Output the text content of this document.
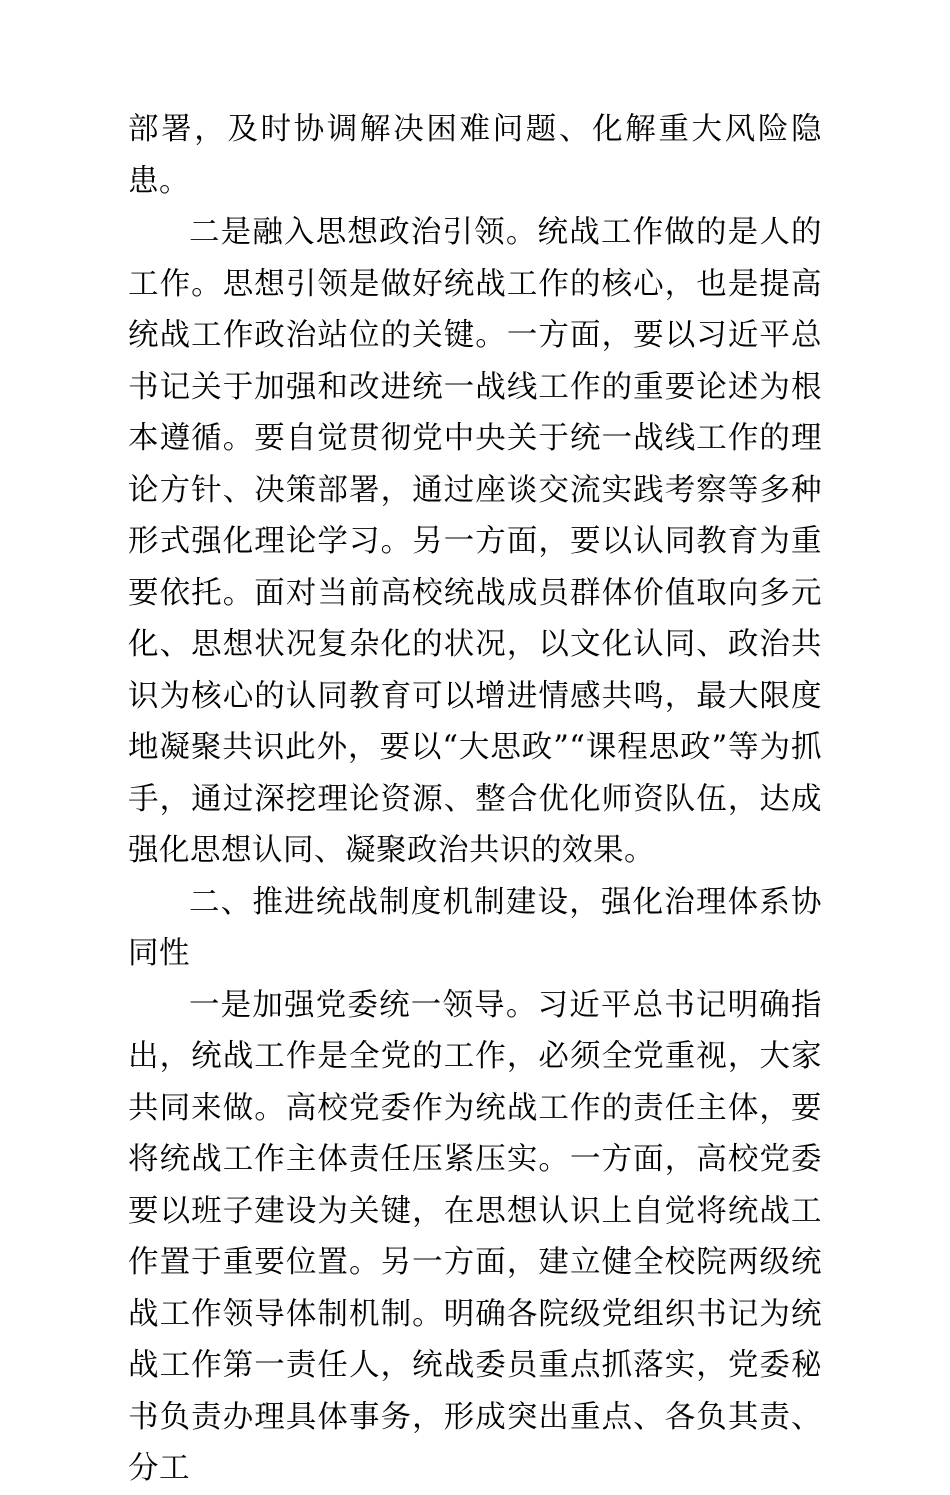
部署，及时协调解决困难问题、化解重大风险隐患。

二是融入思想政治引领。统战工作做的是人的工作。思想引领是做好统战工作的核心，也是提高统战工作政治站位的关键。一方面，要以习近平总书记关于加强和改进统一战线工作的重要论述为根本遵循。要自觉贯彻党中央关于统一战线工作的理论方针、决策部署，通过座谈交流实践考察等多种形式强化理论学习。另一方面，要以认同教育为重要依托。面对当前高校统战成员群体价值取向多元化、思想状况复杂化的状况，以文化认同、政治共识为核心的认同教育可以增进情感共鸣，最大限度地凝聚共识此外，要以“大思政”“课程思政”等为抓手，通过深挖理论资源、整合优化师资队伍，达成强化思想认同、凝聚政治共识的效果。

二、推进统战制度机制建设，强化治理体系协同性

一是加强党委统一领导。习近平总书记明确指出，统战工作是全党的工作，必须全党重视，大家共同来做。高校党委作为统战工作的责任主体，要将统战工作主体责任压紧压实。一方面，高校党委要以班子建设为关键，在思想认识上自觉将统战工作置于重要位置。另一方面，建立健全校院两级统战工作领导体制机制。明确各院级党组织书记为统战工作第一责任人，统战委员重点抓落实，党委秘书负责办理具体事务，形成突出重点、各负其责、分工
